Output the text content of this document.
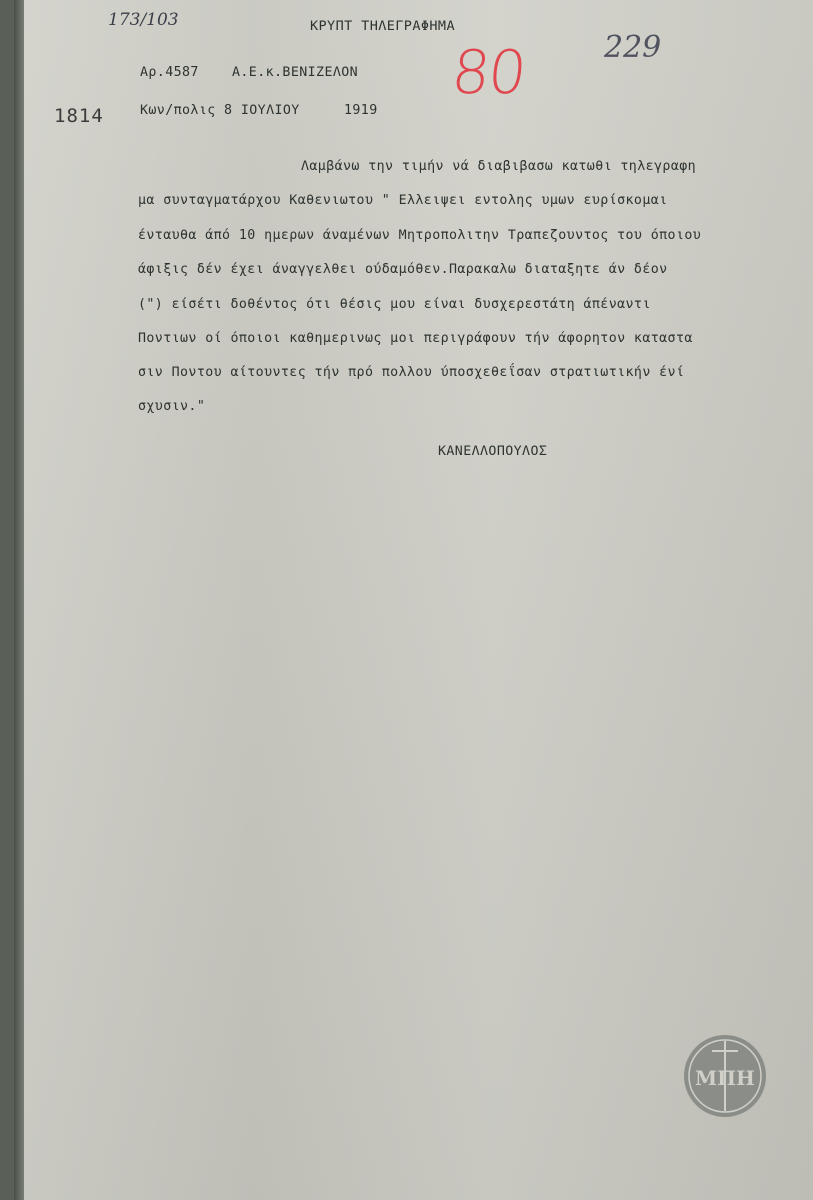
173/103	ΚΡΥΠΤ ΤΗΛΕΓΡΑΦΗΜΑ
Αρ.4587 Α.Ε.κ.ΒΕΝΙΖΕΛΟΝ 80	229
1814	Κων/πολις 8 ΙΟΥΛΙΟΥ	1919
Λαμβάνω την τιμήν νά διαβιβασω κατωθι τηλεγραφη
μα συνταγματάρχου Καθενιωτου " Ελλειψει εντολης υμων ευρίσκομαι
ένταυθα άπό 10 ημερων άναμένων Μητροπολιτην Τραπεζουντος του όποιου
άφιξις δέν έχει άναγγελθει ούδαμόθεν.Παρακαλω διαταξητε άν δέον
(") είσέτι δοθέντος ότι θέσις μου είναι δυσχερεστάτη άπέναντι
Ποντιων οί όποιοι καθημερινως μοι περιγράφουν τήν άφορητον καταστα
σιν Ποντου αίτουντες τήν πρό πολλου ύποσχεθεΐσαν στρατιωτικήν ένί
σχυσιν."
ΚΑΝΕΛΛΟΠΟΥΛΟΣ
ΜΠΗ
